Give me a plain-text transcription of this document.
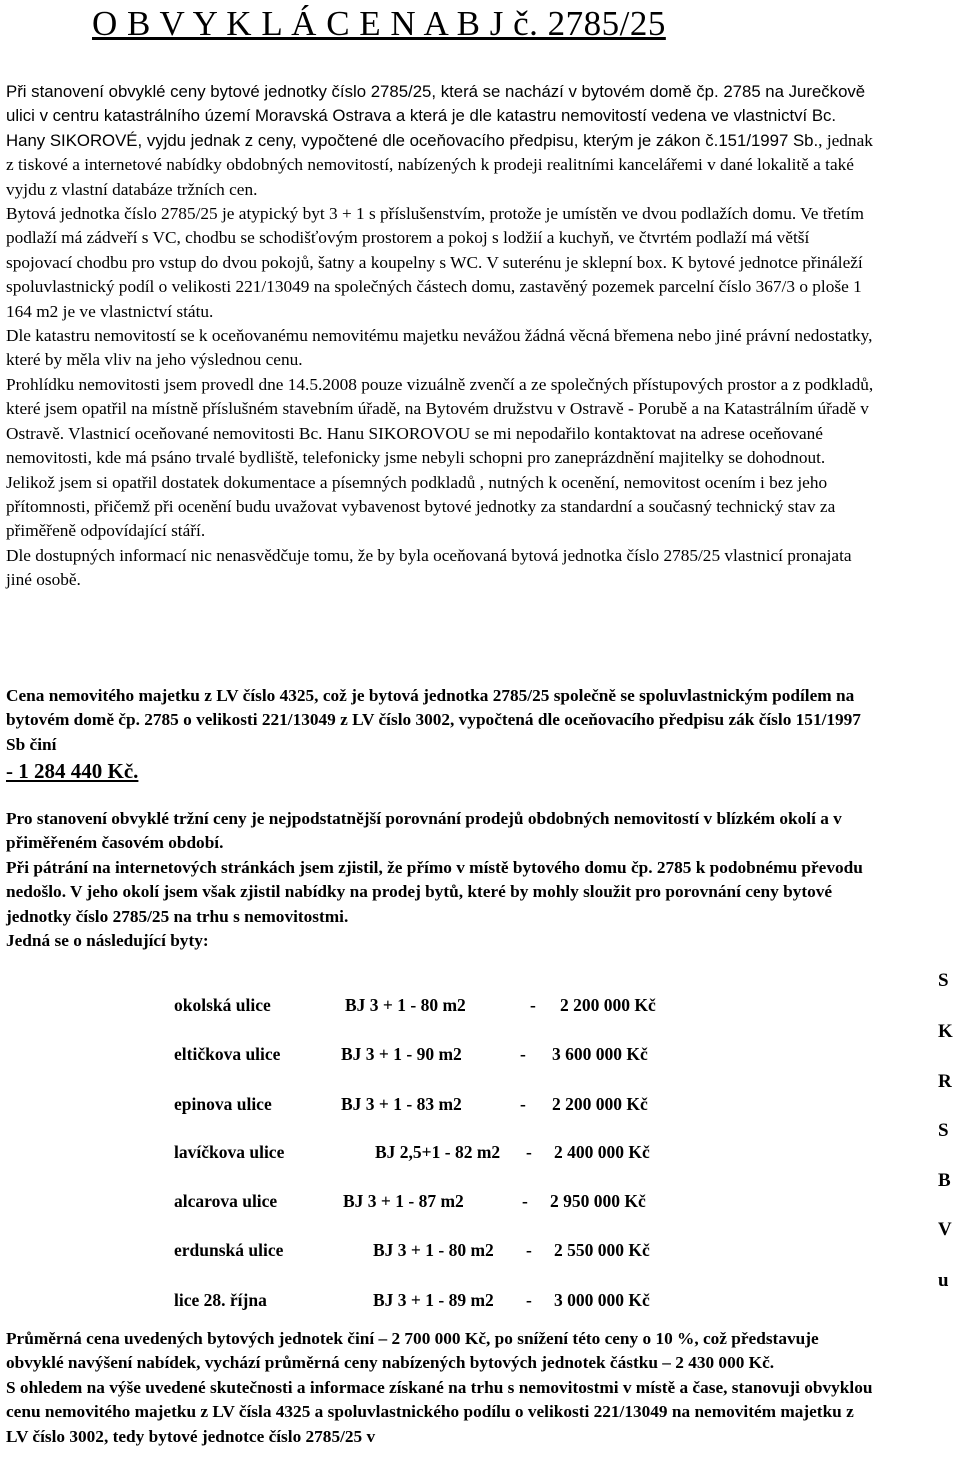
O B V Y K L Á C E N A B J č. 2785/25

Při stanovení obvyklé ceny bytové jednotky číslo 2785/25, která se nachází v bytovém domě čp. 2785 na Jurečkově ulici v centru katastrálního území Moravská Ostrava a která je dle katastru nemovitostí vedena ve vlastnictví Bc. Hany SIKOROVÉ, vyjdu jednak z ceny, vypočtené dle oceňovacího předpisu, kterým je zákon č.151/1997 Sb., jednak z tiskové a internetové nabídky obdobných nemovitostí, nabízených k prodeji realitními kancelářemi v dané lokalitě a také vyjdu z vlastní databáze tržních cen.

Bytová jednotka číslo 2785/25 je atypický byt 3 + 1 s příslušenstvím, protože je umístěn ve dvou podlažích domu. Ve třetím podlaží má zádveří s VC, chodbu se schodišťovým prostorem a pokoj s lodžií a kuchyň, ve čtvrtém podlaží má větší spojovací chodbu pro vstup do dvou pokojů, šatny a koupelny s WC. V suterénu je sklepní box. K bytové jednotce přináleží spoluvlastnický podíl o velikosti 221/13049 na společných částech domu, zastavěný pozemek parcelní číslo 367/3 o ploše 1 164 m2 je ve vlastnictví státu.

Dle katastru nemovitostí se k oceňovanému nemovitému majetku nevážou žádná věcná břemena nebo jiné právní nedostatky, které by měla vliv na jeho výslednou cenu.

Prohlídku nemovitosti jsem provedl dne 14.5.2008 pouze vizuálně zvenčí a ze společných přístupových prostor a z podkladů, které jsem opatřil na místně příslušném stavebním úřadě, na Bytovém družstvu v Ostravě - Porubě a na Katastrálním úřadě v Ostravě. Vlastnicí oceňované nemovitosti Bc. Hanu SIKOROVOU se mi nepodařilo kontaktovat na adrese oceňované nemovitosti, kde má psáno trvalé bydliště, telefonicky jsme nebyli schopni pro zaneprázdnění majitelky se dohodnout. Jelikož jsem si opatřil dostatek dokumentace a písemných podkladů , nutných k ocenění, nemovitost ocením i bez jeho přítomnosti, přičemž při ocenění budu uvažovat vybavenost bytové jednotky za standardní a současný technický stav za přiměřeně odpovídající stáří.

Dle dostupných informací nic nenasvědčuje tomu, že by byla oceňovaná bytová jednotka číslo 2785/25 vlastnicí pronajata jiné osobě.

Cena nemovitého majetku z LV číslo 4325, což je bytová jednotka 2785/25 společně se spoluvlastnickým podílem na bytovém domě čp. 2785 o velikosti 221/13049 z LV číslo 3002, vypočtená dle oceňovacího předpisu zák číslo 151/1997 Sb činí
- 1 284 440 Kč.

Pro stanovení obvyklé tržní ceny je nejpodstatnější porovnání prodejů obdobných nemovitostí v blízkém okolí a v přiměřeném časovém období.

Při pátrání na internetových stránkách jsem zjistil, že přímo v místě bytového domu čp. 2785 k podobnému převodu nedošlo. V jeho okolí jsem však zjistil nabídky na prodej bytů, které by mohly sloužit pro porovnání ceny bytové jednotky číslo 2785/25 na trhu s nemovitostmi.

Jedná se o následující byty:

okolská ulice	BJ 3 + 1 - 80 m2	- 2 200 000 Kč
eltičkova ulice	BJ 3 + 1 - 90 m2	- 3 600 000 Kč
epinova ulice	BJ 3 + 1 - 83 m2	- 2 200 000 Kč
lavíčkova ulice	BJ 2,5+1 - 82 m2 - 2 400 000 Kč
alcarova ulice	BJ 3 + 1 - 87 m2	- 2 950 000 Kč
erdunská ulice	BJ 3 + 1 - 80 m2 - 2 550 000 Kč
lice 28. října	BJ 3 + 1 - 89 m2 - 3 000 000 Kč
S
K
R
S
B
V
u

Průměrná cena uvedených bytových jednotek činí – 2 700 000 Kč, po snížení této ceny o 10 %, což představuje obvyklé navýšení nabídek, vychází průměrná ceny nabízených bytových jednotek částku – 2 430 000 Kč.

S ohledem na výše uvedené skutečnosti a informace získané na trhu s nemovitostmi v místě a čase, stanovuji obvyklou cenu nemovitého majetku z LV čísla 4325 a spoluvlastnického podílu o velikosti 221/13049 na nemovitém majetku z LV číslo 3002, tedy bytové jednotce číslo 2785/25 v
